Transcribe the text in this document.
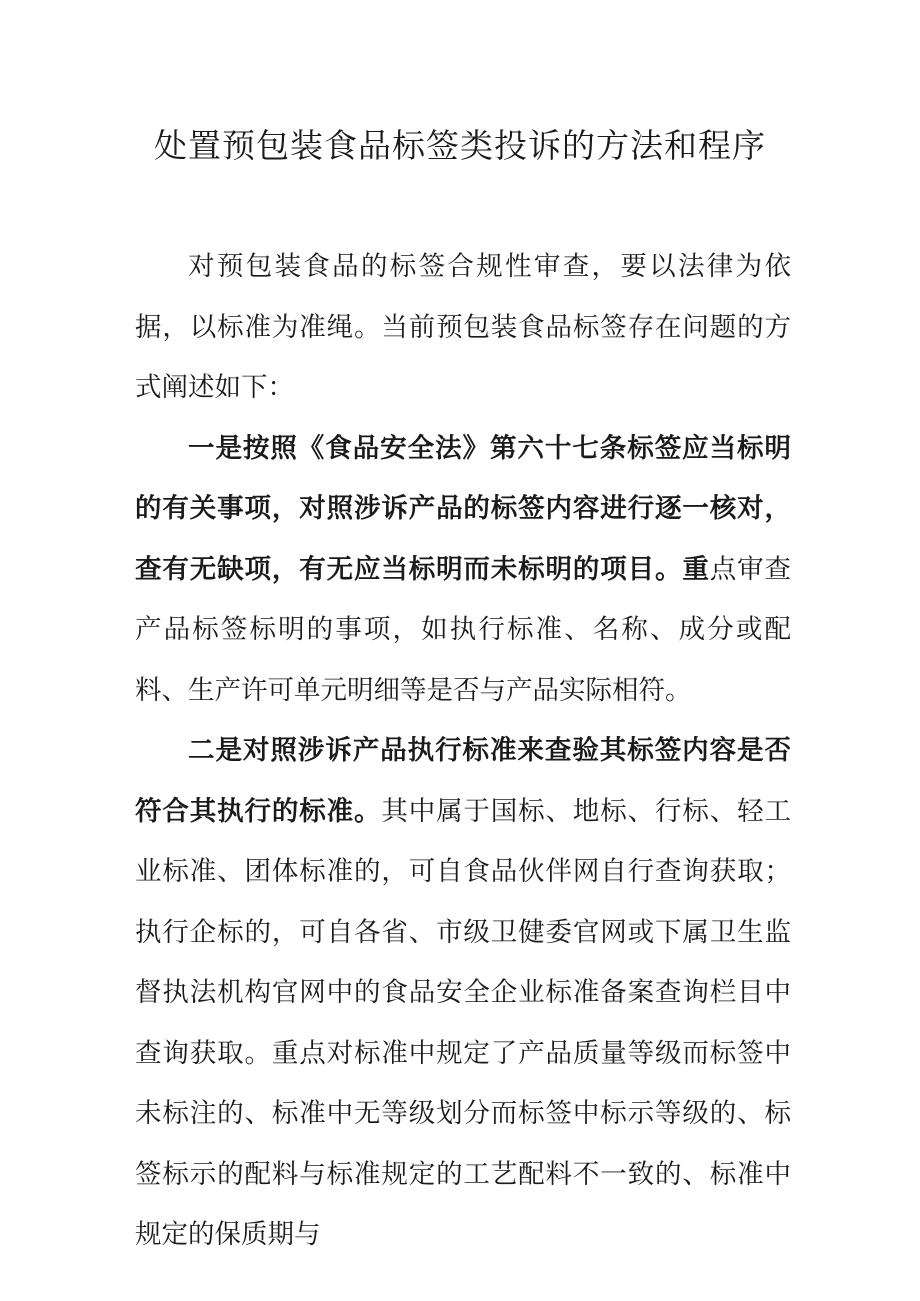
处置预包装食品标签类投诉的方法和程序

对预包装食品的标签合规性审查，要以法律为依据，以标准为准绳。当前预包装食品标签存在问题的方式阐述如下：

一是按照《食品安全法》第六十七条标签应当标明的有关事项，对照涉诉产品的标签内容进行逐一核对，查有无缺项，有无应当标明而未标明的项目。重点审查产品标签标明的事项，如执行标准、名称、成分或配料、生产许可单元明细等是否与产品实际相符。

二是对照涉诉产品执行标准来查验其标签内容是否符合其执行的标准。其中属于国标、地标、行标、轻工业标准、团体标准的，可自食品伙伴网自行查询获取；执行企标的，可自各省、市级卫健委官网或下属卫生监督执法机构官网中的食品安全企业标准备案查询栏目中查询获取。重点对标准中规定了产品质量等级而标签中未标注的、标准中无等级划分而标签中标示等级的、标签标示的配料与标准规定的工艺配料不一致的、标准中规定的保质期与
